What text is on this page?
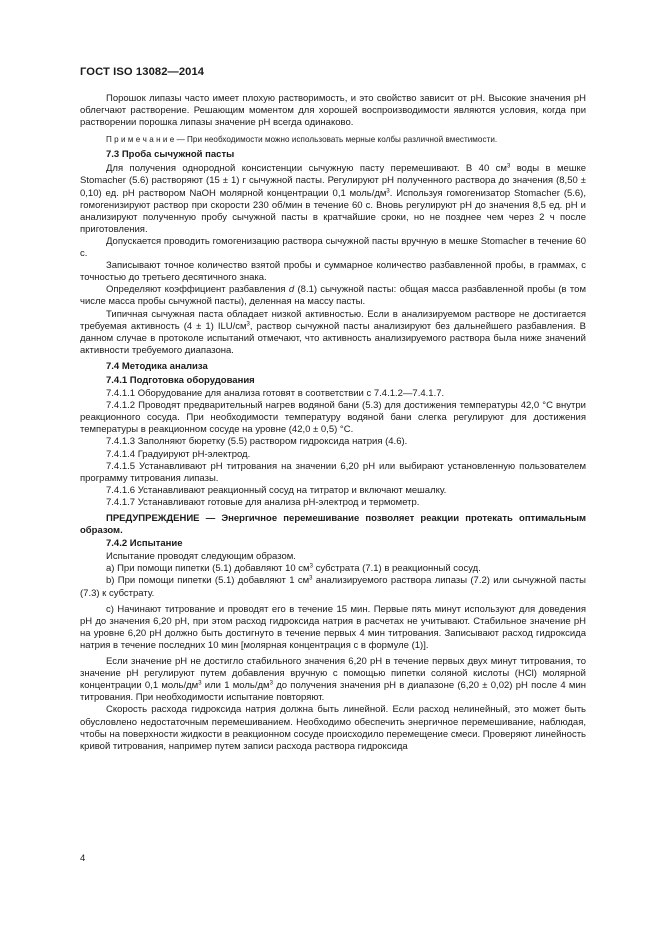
ГОСТ ISO 13082—2014

Порошок липазы часто имеет плохую растворимость, и это свойство зависит от pH. Высокие значения pH облегчают растворение. Решающим моментом для хорошей воспроизводимости являются условия, когда при растворении порошка липазы значение pH всегда одинаково.

П р и м е ч а н и е — При необходимости можно использовать мерные колбы различной вместимости.
7.3 Проба сычужной пасты

Для получения однородной консистенции сычужную пасту перемешивают. В 40 $см^3$ воды в мешке Stomacher (5.6) растворяют (15 ± 1) г сычужной пасты. Регулируют pH полученного раствора до значения (8,50 ± 0,10) ед. pH раствором NaOH молярной концентрации 0,1 моль/$дм^3$. Используя гомогенизатор Stomacher (5.6), гомогенизируют раствор при скорости 230 об/мин в течение 60 с. Вновь регулируют pH до значения 8,5 ед. pH и анализируют полученную пробу сычужной пасты в кратчайшие сроки, но не позднее чем через 2 ч после приготовления.

Допускается проводить гомогенизацию раствора сычужной пасты вручную в мешке Stomacher в течение 60 с.

Записывают точное количество взятой пробы и суммарное количество разбавленной пробы, в граммах, с точностью до третьего десятичного знака.

Определяют коэффициент разбавления d (8.1) сычужной пасты: общая масса разбавленной пробы (в том числе масса пробы сычужной пасты), деленная на массу пасты.

Типичная сычужная паста обладает низкой активностью. Если в анализируемом растворе не достигается требуемая активность (4 ± 1) ILU/$см^3$, раствор сычужной пасты анализируют без дальнейшего разбавления. В данном случае в протоколе испытаний отмечают, что активность анализируемого раствора была ниже значений активности требуемого диапазона.

7.4 Методика анализа
7.4.1 Подготовка оборудования

7.4.1.1 Оборудование для анализа готовят в соответствии с 7.4.1.2—7.4.1.7.

7.4.1.2 Проводят предварительный нагрев водяной бани (5.3) для достижения температуры 42,0 °С внутри реакционного сосуда. При необходимости температуру водяной бани слегка регулируют для достижения температуры в реакционном сосуде на уровне (42,0 ± 0,5) °С.

7.4.1.3 Заполняют бюретку (5.5) раствором гидроксида натрия (4.6).

7.4.1.4 Градуируют pH-электрод.

7.4.1.5 Устанавливают pH титрования на значении 6,20 pH или выбирают установленную пользователем программу титрования липазы.

7.4.1.6 Устанавливают реакционный сосуд на титратор и включают мешалку.

7.4.1.7 Устанавливают готовые для анализа pH-электрод и термометр.

ПРЕДУПРЕЖДЕНИЕ — Энергичное перемешивание позволяет реакции протекать оптимальным образом.

7.4.2 Испытание

Испытание проводят следующим образом.

a) При помощи пипетки (5.1) добавляют 10 $см^3$ субстрата (7.1) в реакционный сосуд.

b) При помощи пипетки (5.1) добавляют 1 $см^3$ анализируемого раствора липазы (7.2) или сычужной пасты (7.3) к субстрату.

c) Начинают титрование и проводят его в течение 15 мин. Первые пять минут используют для доведения pH до значения 6,20 pH, при этом расход гидроксида натрия в расчетах не учитывают. Стабильное значение pH на уровне 6,20 pH должно быть достигнуто в течение первых 4 мин титрования. Записывают расход гидроксида натрия в течение последних 10 мин [молярная концентрация с в формуле (1)].

Если значение pH не достигло стабильного значения 6,20 pH в течение первых двух минут титрования, то значение pH регулируют путем добавления вручную с помощью пипетки соляной кислоты (HCl) молярной концентрации 0,1 моль/$дм^3$ или 1 моль/$дм^3$ до получения значения pH в диапазоне (6,20 ± 0,02) pH после 4 мин титрования. При необходимости испытание повторяют.

Скорость расхода гидроксида натрия должна быть линейной. Если расход нелинейный, это может быть обусловлено недостаточным перемешиванием. Необходимо обеспечить энергичное перемешивание, наблюдая, чтобы на поверхности жидкости в реакционном сосуде происходило перемещение смеси. Проверяют линейность кривой титрования, например путем записи расхода раствора гидроксида

4
